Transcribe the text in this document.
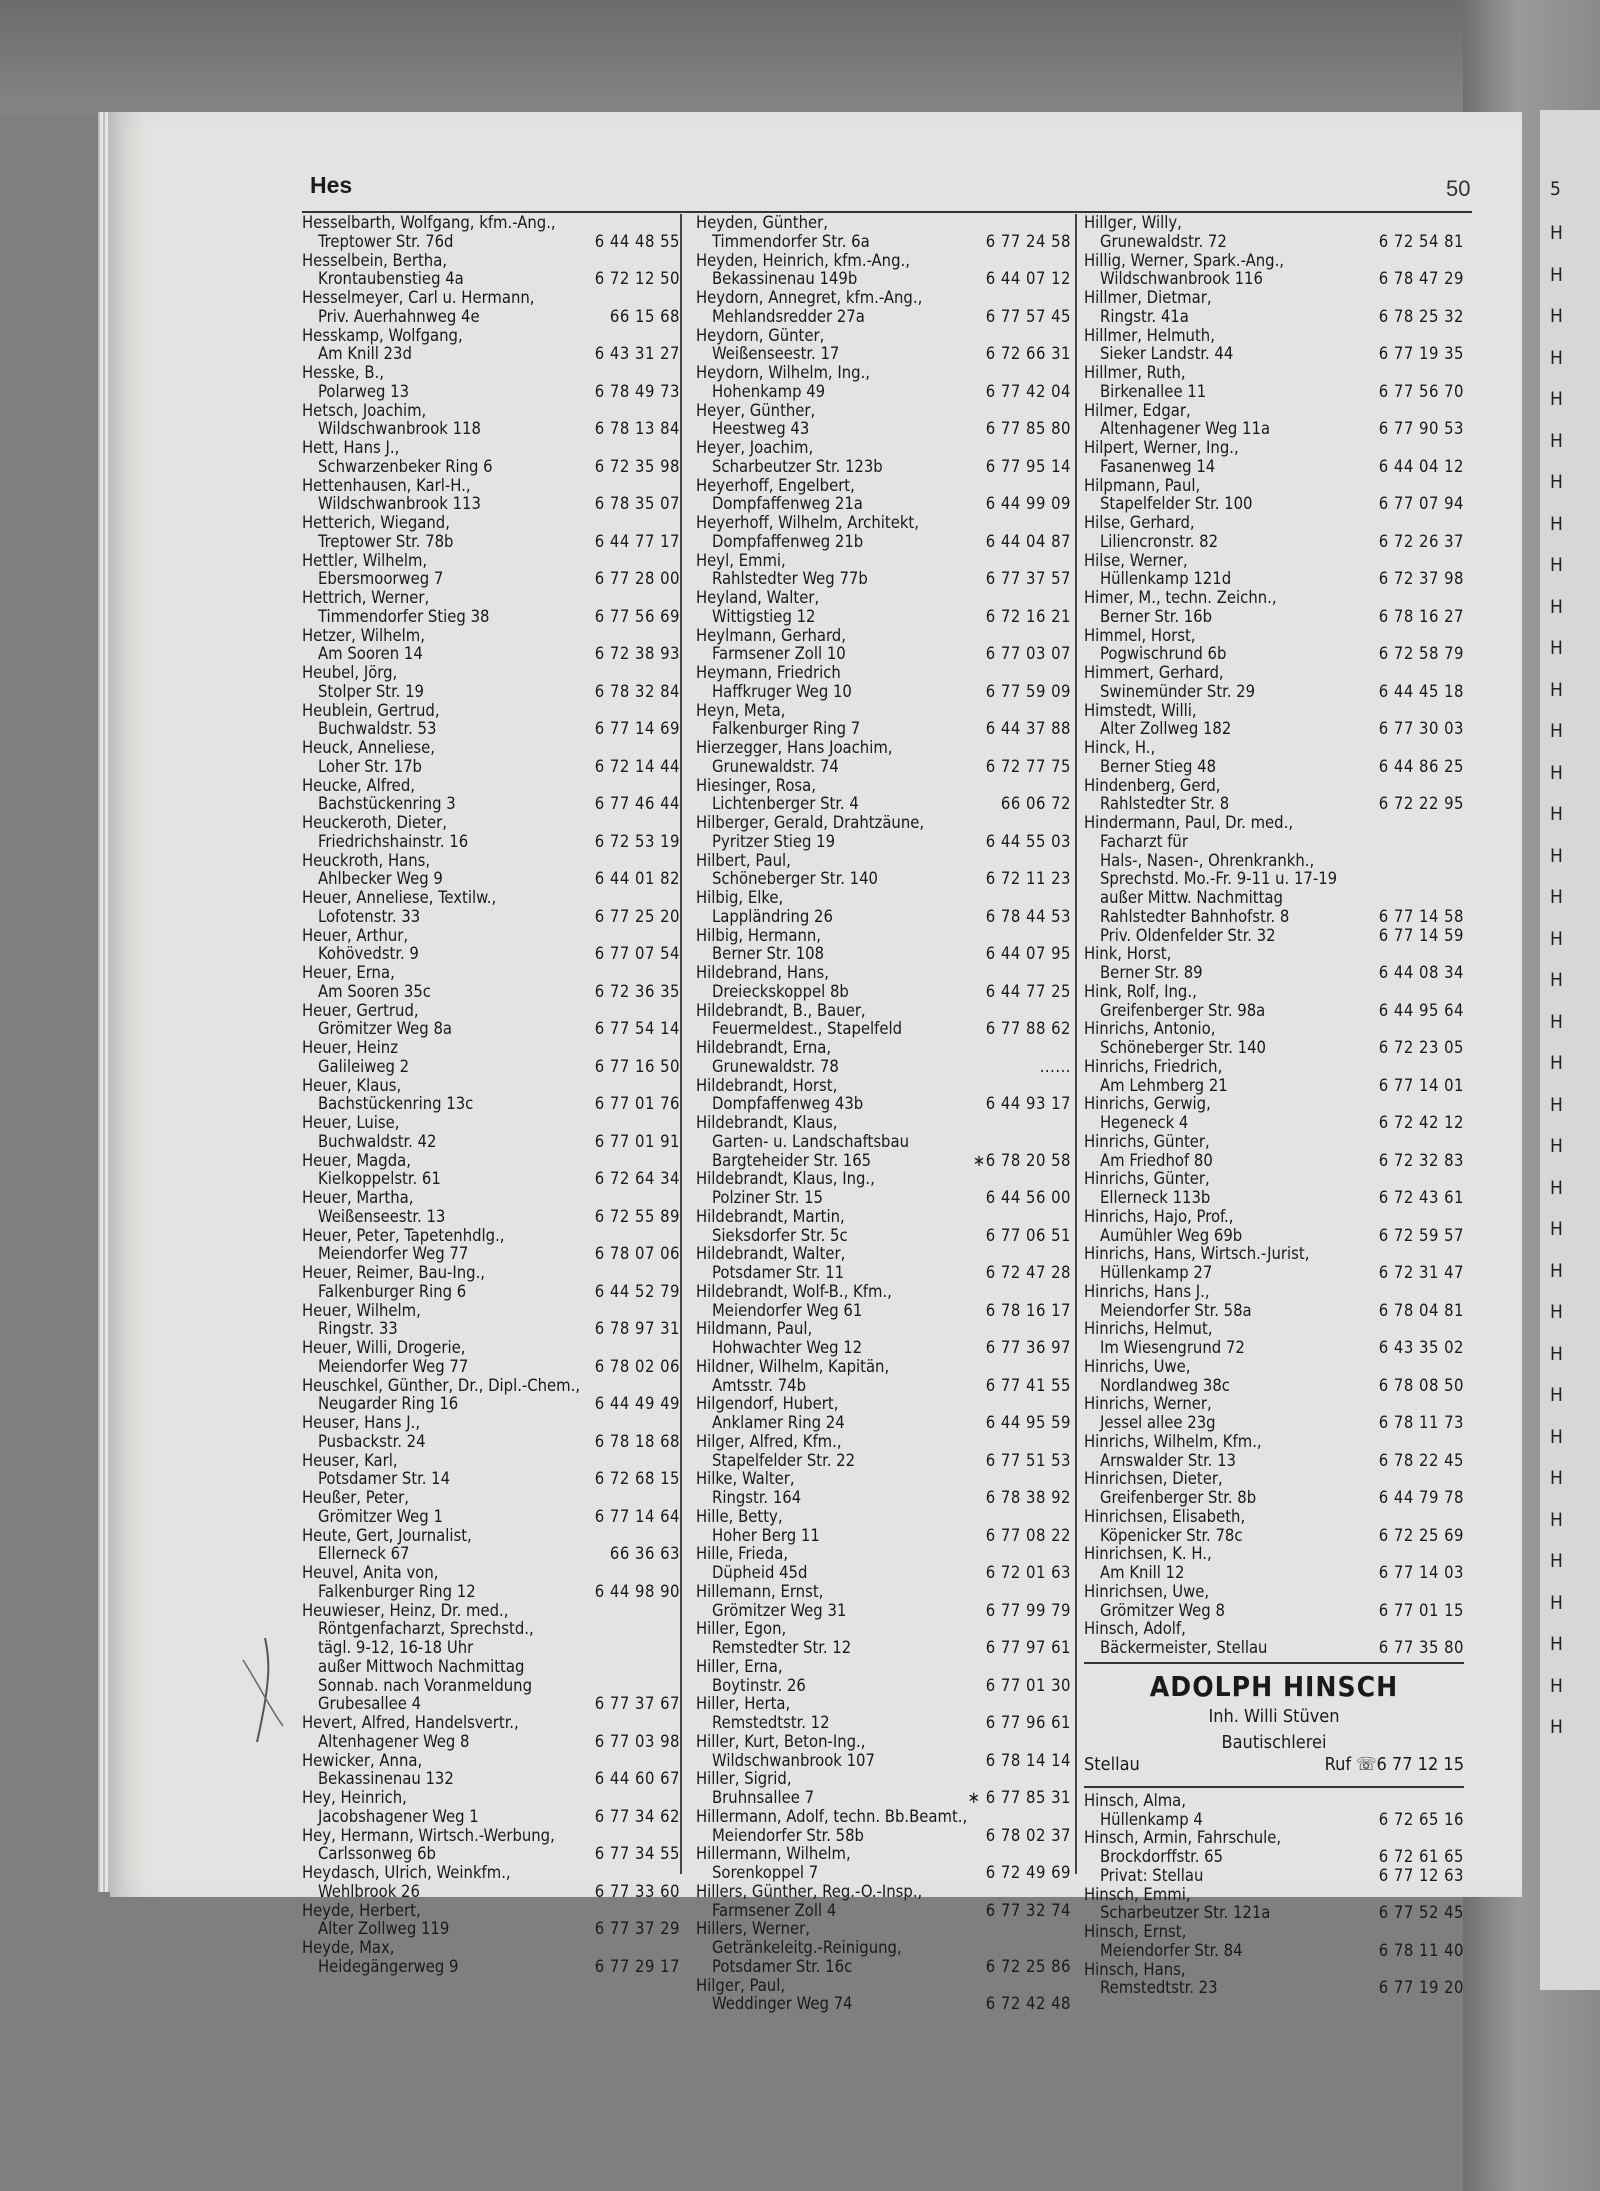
5
H
H
H
H
H
H
H
H
H
H
H
H
H
H
H
H
H
H
H
H
H
H
H
H
H
H
H
H
H
H
H
H
H
H
H
H
H
Hes	50
Hesselbarth, Wolfgang, kfm.-Ang.,
Treptower Str. 76d	6 44 48 55
Hesselbein, Bertha,
Krontaubenstieg 4a	6 72 12 50
Hesselmeyer, Carl u. Hermann,
Priv. Auerhahnweg 4e	66 15 68
Hesskamp, Wolfgang,
Am Knill 23d	6 43 31 27
Hesske, B.,
Polarweg 13	6 78 49 73
Hetsch, Joachim,
Wildschwanbrook 118	6 78 13 84
Hett, Hans J.,
Schwarzenbeker Ring 6	6 72 35 98
Hettenhausen, Karl-H.,
Wildschwanbrook 113	6 78 35 07
Hetterich, Wiegand,
Treptower Str. 78b	6 44 77 17
Hettler, Wilhelm,
Ebersmoorweg 7	6 77 28 00
Hettrich, Werner,
Timmendorfer Stieg 38	6 77 56 69
Hetzer, Wilhelm,
Am Sooren 14	6 72 38 93
Heubel, Jörg,
Stolper Str. 19	6 78 32 84
Heublein, Gertrud,
Buchwaldstr. 53	6 77 14 69
Heuck, Anneliese,
Loher Str. 17b	6 72 14 44
Heucke, Alfred,
Bachstückenring 3	6 77 46 44
Heuckeroth, Dieter,
Friedrichshainstr. 16	6 72 53 19
Heuckroth, Hans,
Ahlbecker Weg 9	6 44 01 82
Heuer, Anneliese, Textilw.,
Lofotenstr. 33	6 77 25 20
Heuer, Arthur,
Kohövedstr. 9	6 77 07 54
Heuer, Erna,
Am Sooren 35c	6 72 36 35
Heuer, Gertrud,
Grömitzer Weg 8a	6 77 54 14
Heuer, Heinz
Galileiweg 2	6 77 16 50
Heuer, Klaus,
Bachstückenring 13c	6 77 01 76
Heuer, Luise,
Buchwaldstr. 42	6 77 01 91
Heuer, Magda,
Kielkoppelstr. 61	6 72 64 34
Heuer, Martha,
Weißenseestr. 13	6 72 55 89
Heuer, Peter, Tapetenhdlg.,
Meiendorfer Weg 77	6 78 07 06
Heuer, Reimer, Bau-Ing.,
Falkenburger Ring 6	6 44 52 79
Heuer, Wilhelm,
Ringstr. 33	6 78 97 31
Heuer, Willi, Drogerie,
Meiendorfer Weg 77	6 78 02 06
Heuschkel, Günther, Dr., Dipl.-Chem.,
Neugarder Ring 16	6 44 49 49
Heuser, Hans J.,
Pusbackstr. 24	6 78 18 68
Heuser, Karl,
Potsdamer Str. 14	6 72 68 15
Heußer, Peter,
Grömitzer Weg 1	6 77 14 64
Heute, Gert, Journalist,
Ellerneck 67	66 36 63
Heuvel, Anita von,
Falkenburger Ring 12	6 44 98 90
Heuwieser, Heinz, Dr. med.,
Röntgenfacharzt, Sprechstd.,
tägl. 9-12, 16-18 Uhr
außer Mittwoch Nachmittag
Sonnab. nach Voranmeldung
Grubesallee 4	6 77 37 67
Hevert, Alfred, Handelsvertr.,
Altenhagener Weg 8	6 77 03 98
Hewicker, Anna,
Bekassinenau 132	6 44 60 67
Hey, Heinrich,
Jacobshagener Weg 1	6 77 34 62
Hey, Hermann, Wirtsch.-Werbung,
Carlssonweg 6b	6 77 34 55
Heydasch, Ulrich, Weinkfm.,
Wehlbrook 26	6 77 33 60
Heyde, Herbert,
Alter Zollweg 119	6 77 37 29
Heyde, Max,
Heidegängerweg 9	6 77 29 17
Heyden, Günther,
Timmendorfer Str. 6a	6 77 24 58
Heyden, Heinrich, kfm.-Ang.,
Bekassinenau 149b	6 44 07 12
Heydorn, Annegret, kfm.-Ang.,
Mehlandsredder 27a	6 77 57 45
Heydorn, Günter,
Weißenseestr. 17	6 72 66 31
Heydorn, Wilhelm, Ing.,
Hohenkamp 49	6 77 42 04
Heyer, Günther,
Heestweg 43	6 77 85 80
Heyer, Joachim,
Scharbeutzer Str. 123b	6 77 95 14
Heyerhoff, Engelbert,
Dompfaffenweg 21a	6 44 99 09
Heyerhoff, Wilhelm, Architekt,
Dompfaffenweg 21b	6 44 04 87
Heyl, Emmi,
Rahlstedter Weg 77b	6 77 37 57
Heyland, Walter,
Wittigstieg 12	6 72 16 21
Heylmann, Gerhard,
Farmsener Zoll 10	6 77 03 07
Heymann, Friedrich
Haffkruger Weg 10	6 77 59 09
Heyn, Meta,
Falkenburger Ring 7	6 44 37 88
Hierzegger, Hans Joachim,
Grunewaldstr. 74	6 72 77 75
Hiesinger, Rosa,
Lichtenberger Str. 4	66 06 72
Hilberger, Gerald, Drahtzäune,
Pyritzer Stieg 19	6 44 55 03
Hilbert, Paul,
Schöneberger Str. 140	6 72 11 23
Hilbig, Elke,
Lappländring 26	6 78 44 53
Hilbig, Hermann,
Berner Str. 108	6 44 07 95
Hildebrand, Hans,
Dreieckskoppel 8b	6 44 77 25
Hildebrandt, B., Bauer,
Feuermeldest., Stapelfeld	6 77 88 62
Hildebrandt, Erna,
Grunewaldstr. 78	......
Hildebrandt, Horst,
Dompfaffenweg 43b	6 44 93 17
Hildebrandt, Klaus,
Garten- u. Landschaftsbau
Bargteheider Str. 165	∗6 78 20 58
Hildebrandt, Klaus, Ing.,
Polziner Str. 15	6 44 56 00
Hildebrandt, Martin,
Sieksdorfer Str. 5c	6 77 06 51
Hildebrandt, Walter,
Potsdamer Str. 11	6 72 47 28
Hildebrandt, Wolf-B., Kfm.,
Meiendorfer Weg 61	6 78 16 17
Hildmann, Paul,
Hohwachter Weg 12	6 77 36 97
Hildner, Wilhelm, Kapitän,
Amtsstr. 74b	6 77 41 55
Hilgendorf, Hubert,
Anklamer Ring 24	6 44 95 59
Hilger, Alfred, Kfm.,
Stapelfelder Str. 22	6 77 51 53
Hilke, Walter,
Ringstr. 164	6 78 38 92
Hille, Betty,
Hoher Berg 11	6 77 08 22
Hille, Frieda,
Düpheid 45d	6 72 01 63
Hillemann, Ernst,
Grömitzer Weg 31	6 77 99 79
Hiller, Egon,
Remstedter Str. 12	6 77 97 61
Hiller, Erna,
Boytinstr. 26	6 77 01 30
Hiller, Herta,
Remstedtstr. 12	6 77 96 61
Hiller, Kurt, Beton-Ing.,
Wildschwanbrook 107	6 78 14 14
Hiller, Sigrid,
Bruhnsallee 7	∗ 6 77 85 31
Hillermann, Adolf, techn. Bb.Beamt.,
Meiendorfer Str. 58b	6 78 02 37
Hillermann, Wilhelm,
Sorenkoppel 7	6 72 49 69
Hillers, Günther, Reg.-O.-Insp.,
Farmsener Zoll 4	6 77 32 74
Hillers, Werner,
Getränkeleitg.-Reinigung,
Potsdamer Str. 16c	6 72 25 86
Hilger, Paul,
Weddinger Weg 74	6 72 42 48
Hillger, Willy,
Grunewaldstr. 72	6 72 54 81
Hillig, Werner, Spark.-Ang.,
Wildschwanbrook 116	6 78 47 29
Hillmer, Dietmar,
Ringstr. 41a	6 78 25 32
Hillmer, Helmuth,
Sieker Landstr. 44	6 77 19 35
Hillmer, Ruth,
Birkenallee 11	6 77 56 70
Hilmer, Edgar,
Altenhagener Weg 11a	6 77 90 53
Hilpert, Werner, Ing.,
Fasanenweg 14	6 44 04 12
Hilpmann, Paul,
Stapelfelder Str. 100	6 77 07 94
Hilse, Gerhard,
Liliencronstr. 82	6 72 26 37
Hilse, Werner,
Hüllenkamp 121d	6 72 37 98
Himer, M., techn. Zeichn.,
Berner Str. 16b	6 78 16 27
Himmel, Horst,
Pogwischrund 6b	6 72 58 79
Himmert, Gerhard,
Swinemünder Str. 29	6 44 45 18
Himstedt, Willi,
Alter Zollweg 182	6 77 30 03
Hinck, H.,
Berner Stieg 48	6 44 86 25
Hindenberg, Gerd,
Rahlstedter Str. 8	6 72 22 95
Hindermann, Paul, Dr. med.,
Facharzt für
Hals-, Nasen-, Ohrenkrankh.,
Sprechstd. Mo.-Fr. 9-11 u. 17-19
außer Mittw. Nachmittag
Rahlstedter Bahnhofstr. 8	6 77 14 58
Priv. Oldenfelder Str. 32	6 77 14 59
Hink, Horst,
Berner Str. 89	6 44 08 34
Hink, Rolf, Ing.,
Greifenberger Str. 98a	6 44 95 64
Hinrichs, Antonio,
Schöneberger Str. 140	6 72 23 05
Hinrichs, Friedrich,
Am Lehmberg 21	6 77 14 01
Hinrichs, Gerwig,
Hegeneck 4	6 72 42 12
Hinrichs, Günter,
Am Friedhof 80	6 72 32 83
Hinrichs, Günter,
Ellerneck 113b	6 72 43 61
Hinrichs, Hajo, Prof.,
Aumühler Weg 69b	6 72 59 57
Hinrichs, Hans, Wirtsch.-Jurist,
Hüllenkamp 27	6 72 31 47
Hinrichs, Hans J.,
Meiendorfer Str. 58a	6 78 04 81
Hinrichs, Helmut,
Im Wiesengrund 72	6 43 35 02
Hinrichs, Uwe,
Nordlandweg 38c	6 78 08 50
Hinrichs, Werner,
Jessel allee 23g	6 78 11 73
Hinrichs, Wilhelm, Kfm.,
Arnswalder Str. 13	6 78 22 45
Hinrichsen, Dieter,
Greifenberger Str. 8b	6 44 79 78
Hinrichsen, Elisabeth,
Köpenicker Str. 78c	6 72 25 69
Hinrichsen, K. H.,
Am Knill 12	6 77 14 03
Hinrichsen, Uwe,
Grömitzer Weg 8	6 77 01 15
Hinsch, Adolf,
Bäckermeister, Stellau	6 77 35 80
ADOLPH HINSCH
Inh. Willi Stüven
Bautischlerei
Stellau	Ruf ☏6 77 12 15
Hinsch, Alma,
Hüllenkamp 4	6 72 65 16
Hinsch, Armin, Fahrschule,
Brockdorffstr. 65	6 72 61 65
Privat: Stellau	6 77 12 63
Hinsch, Emmi,
Scharbeutzer Str. 121a	6 77 52 45
Hinsch, Ernst,
Meiendorfer Str. 84	6 78 11 40
Hinsch, Hans,
Remstedtstr. 23	6 77 19 20
